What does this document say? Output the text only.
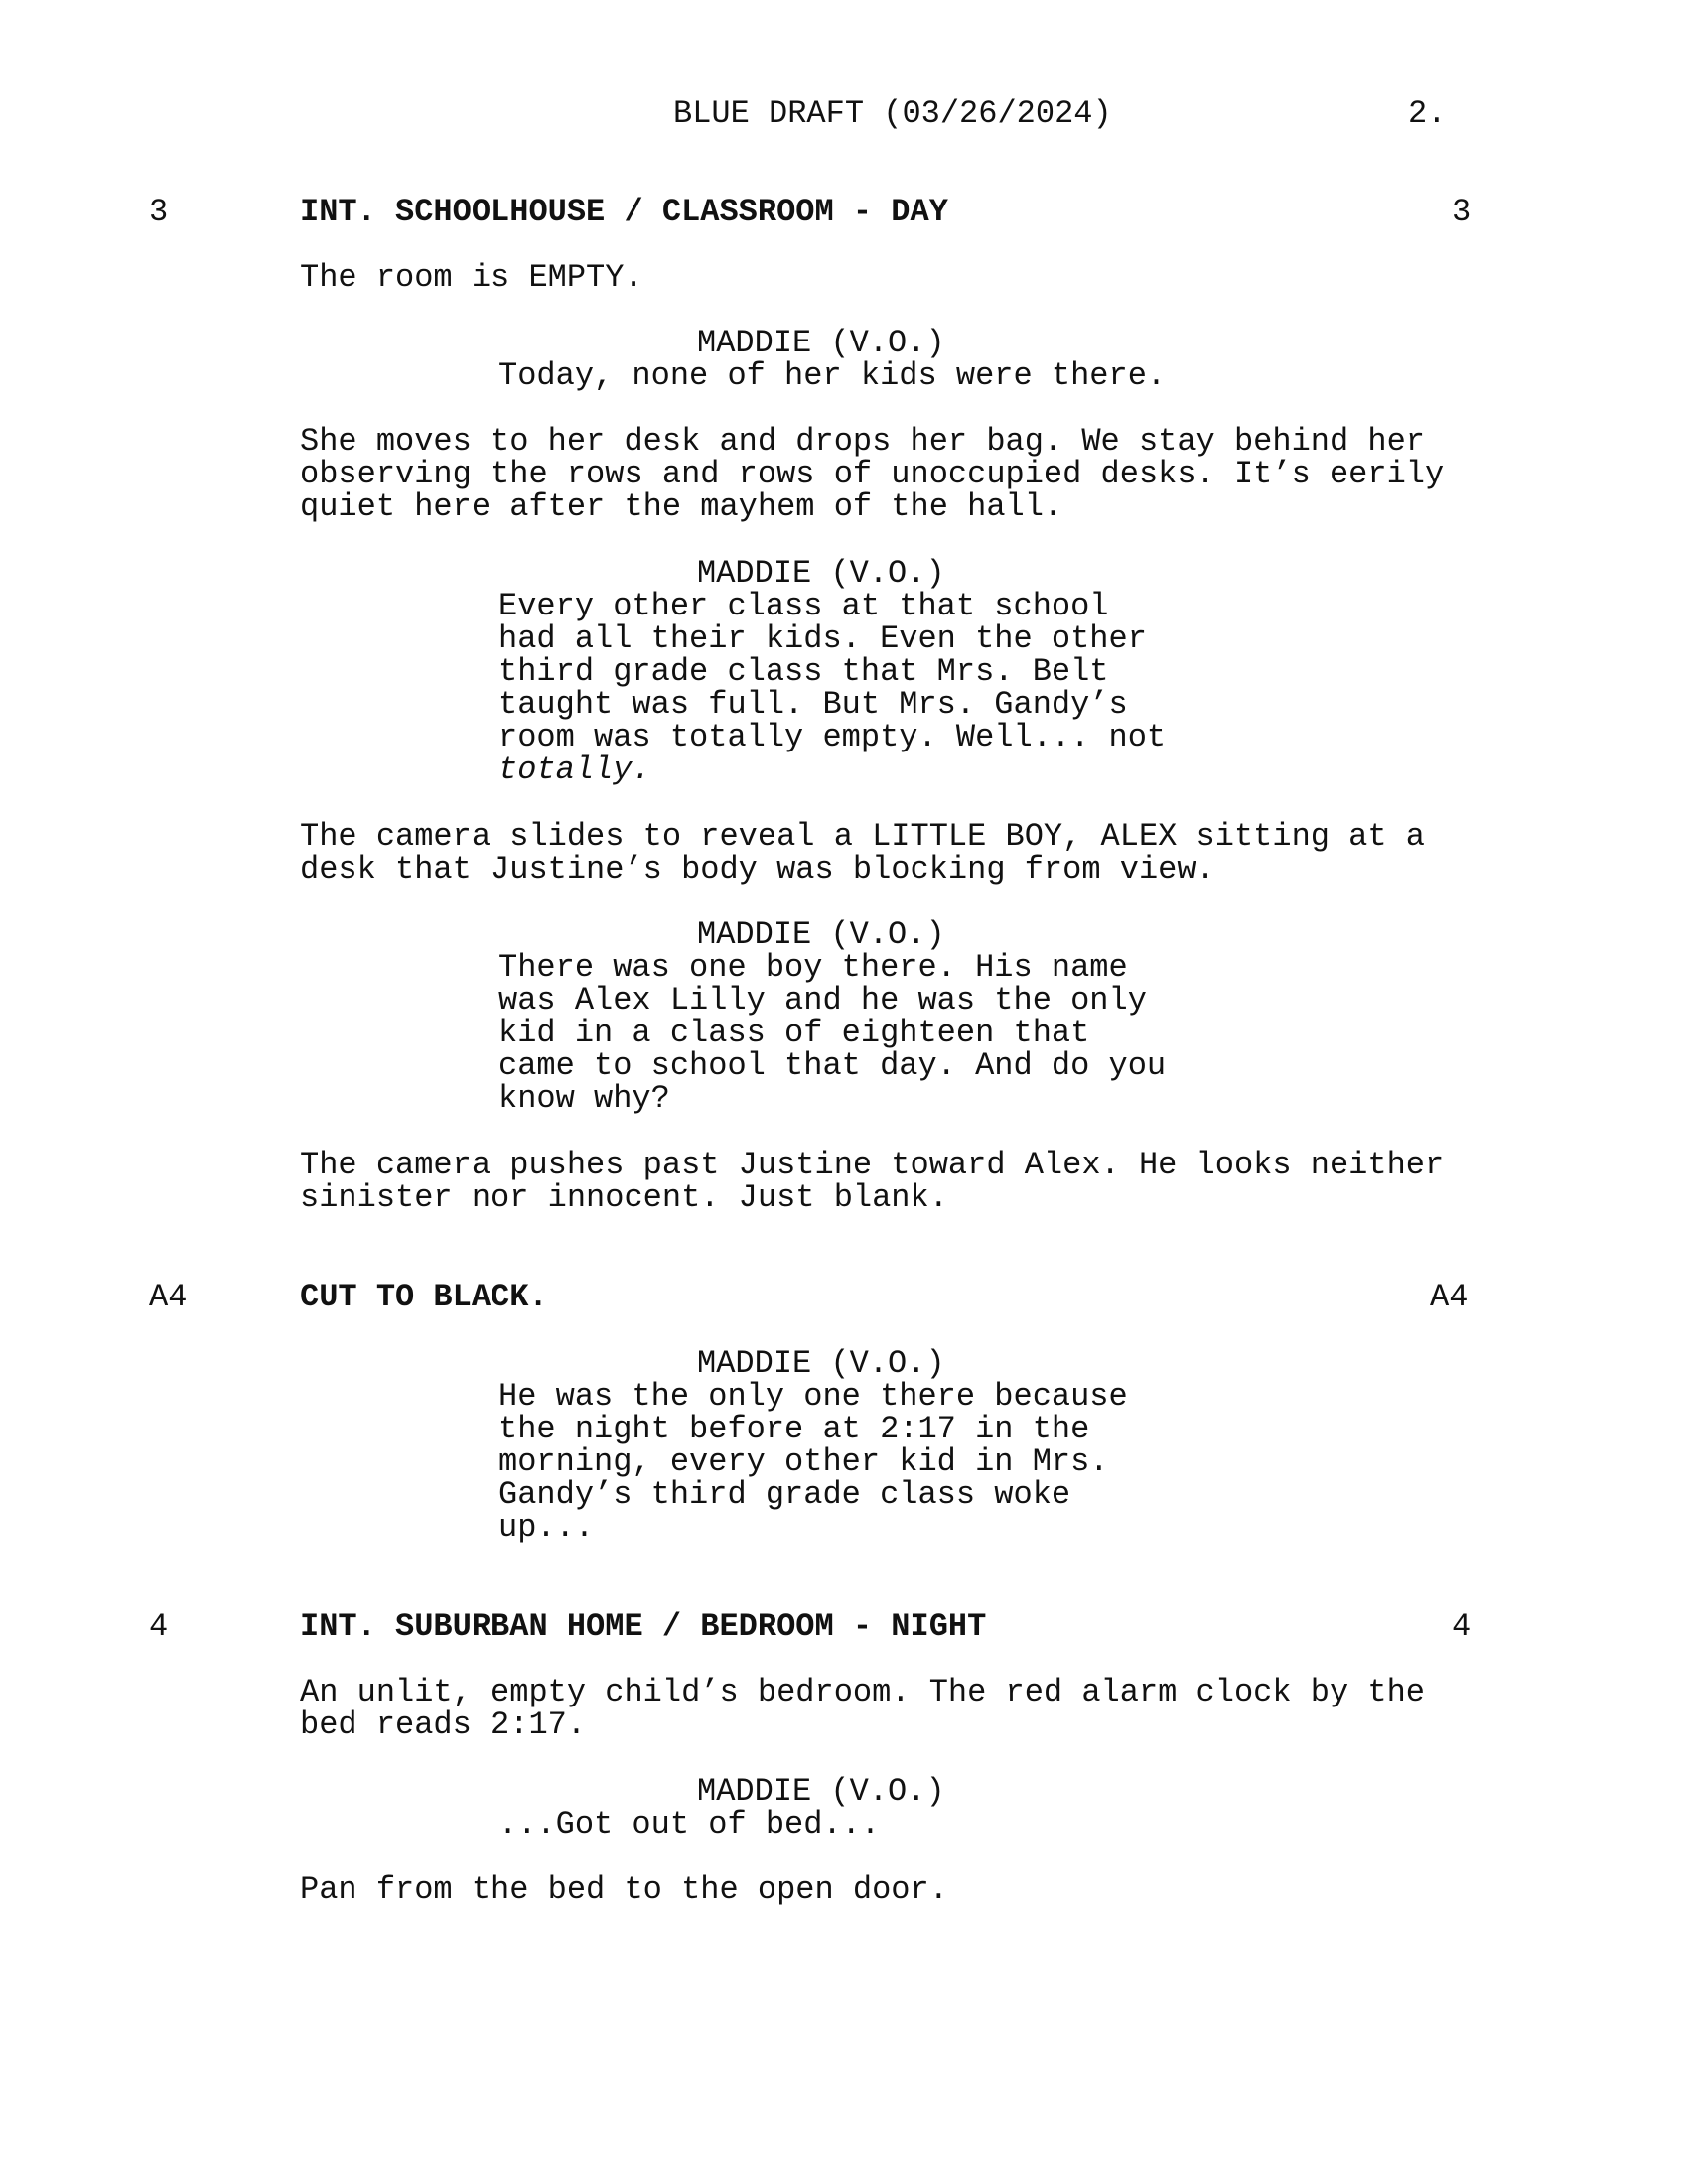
BLUE DRAFT (03/26/2024)	2.
3	INT. SCHOOLHOUSE / CLASSROOM - DAY	3
The room is EMPTY.
MADDIE (V.O.)
Today, none of her kids were there.
She moves to her desk and drops her bag. We stay behind her
observing the rows and rows of unoccupied desks. It’s eerily
quiet here after the mayhem of the hall.
MADDIE (V.O.)
Every other class at that school
had all their kids. Even the other
third grade class that Mrs. Belt
taught was full. But Mrs. Gandy’s
room was totally empty. Well... not
totally.
The camera slides to reveal a LITTLE BOY, ALEX sitting at a
desk that Justine’s body was blocking from view.
MADDIE (V.O.)
There was one boy there. His name
was Alex Lilly and he was the only
kid in a class of eighteen that
came to school that day. And do you
know why?
The camera pushes past Justine toward Alex. He looks neither
sinister nor innocent. Just blank.
A4	CUT TO BLACK.	A4
MADDIE (V.O.)
He was the only one there because
the night before at 2:17 in the
morning, every other kid in Mrs.
Gandy’s third grade class woke
up...
4	INT. SUBURBAN HOME / BEDROOM - NIGHT	4
An unlit, empty child’s bedroom. The red alarm clock by the
bed reads 2:17.
MADDIE (V.O.)
...Got out of bed...
Pan from the bed to the open door.
